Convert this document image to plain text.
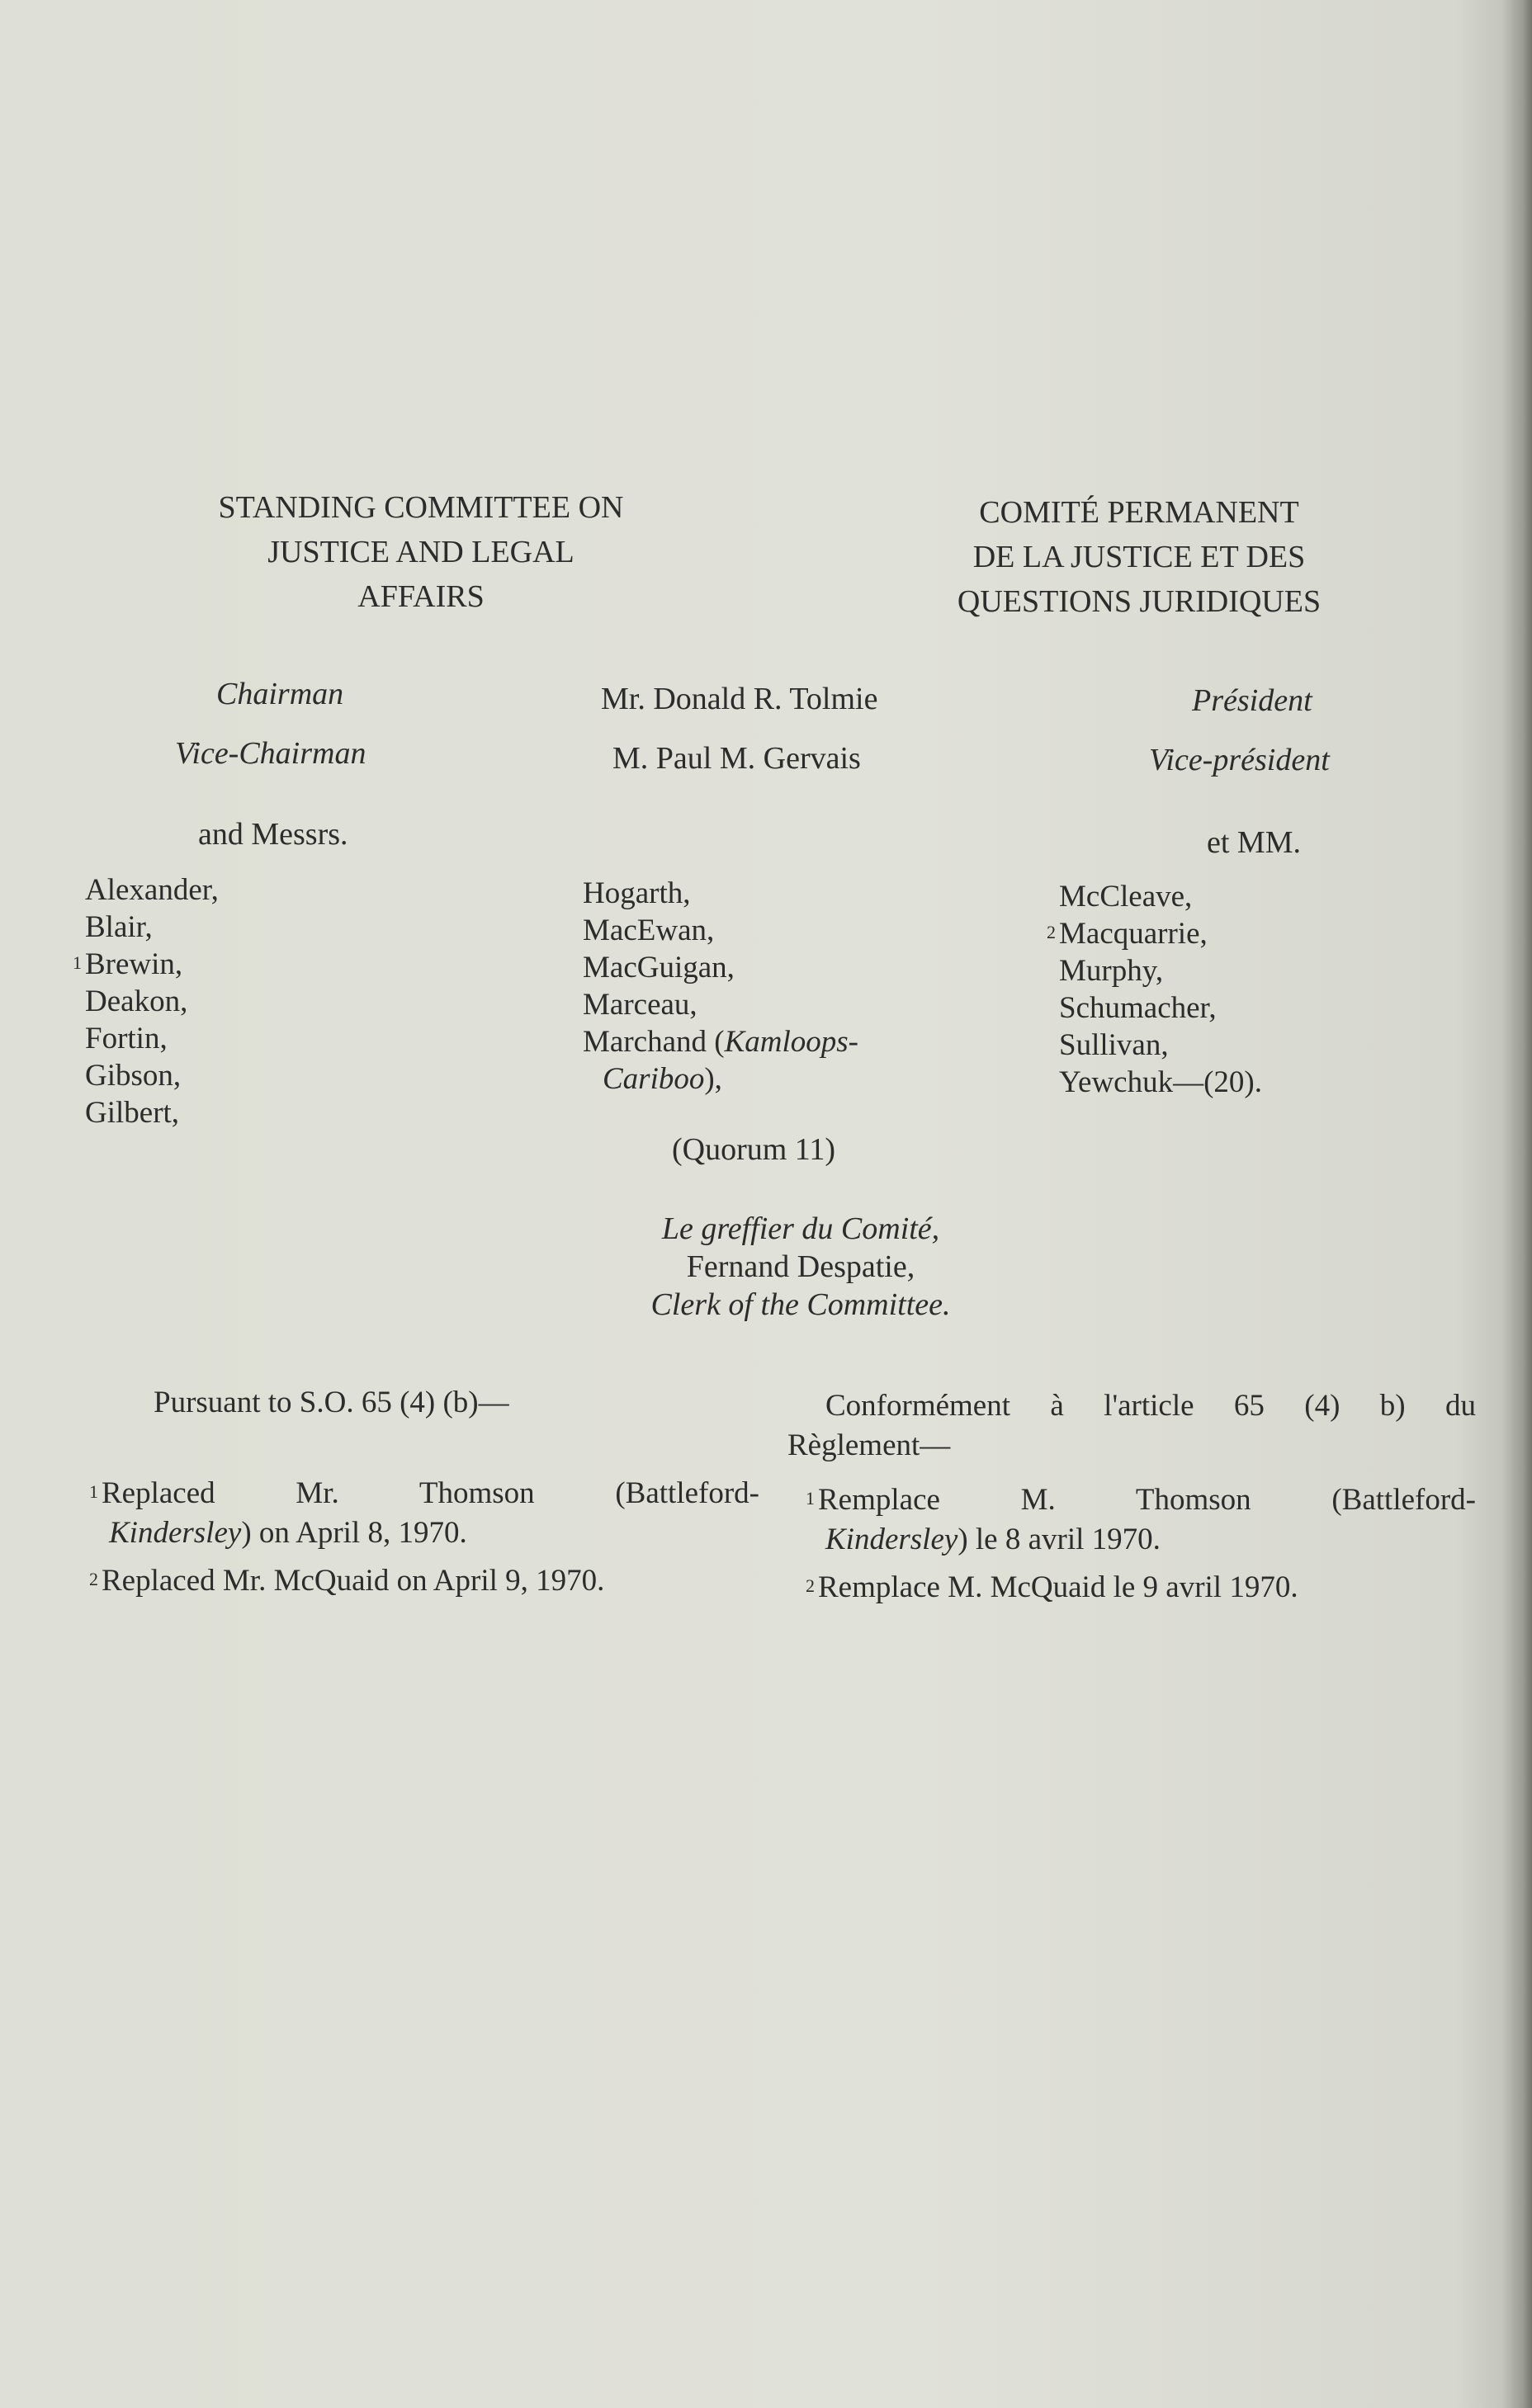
STANDING COMMITTEE ON
JUSTICE AND LEGAL
AFFAIRS
COMITÉ PERMANENT
DE LA JUSTICE ET DES
QUESTIONS JURIDIQUES
Chairman	Mr. Donald R. Tolmie	Président
Vice-Chairman	M. Paul M. Gervais	Vice-président
and Messrs.	et MM.
Alexander,
Blair,
$^1$ Brewin,
Deakon,
Fortin,
Gibson,
Gilbert,
Hogarth,
MacEwan,
MacGuigan,
Marceau,
Marchand (Kamloops-
Cariboo),
McCleave,
$^2$ Macquarrie,
Murphy,
Schumacher,
Sullivan,
Yewchuk—(20).
(Quorum 11)
Le greffier du Comité,
Fernand Despatie,
Clerk of the Committee.
Pursuant to S.O. 65 (4) (b)—
$^1$ Replaced Mr. Thomson (Battleford-
Kindersley) on April 8, 1970.
$^2$ Replaced Mr. McQuaid on April 9, 1970.
Conformément à l'article 65 (4) b) du
Règlement—
$^1$ Remplace M. Thomson (Battleford-
Kindersley) le 8 avril 1970.
$^2$ Remplace M. McQuaid le 9 avril 1970.
